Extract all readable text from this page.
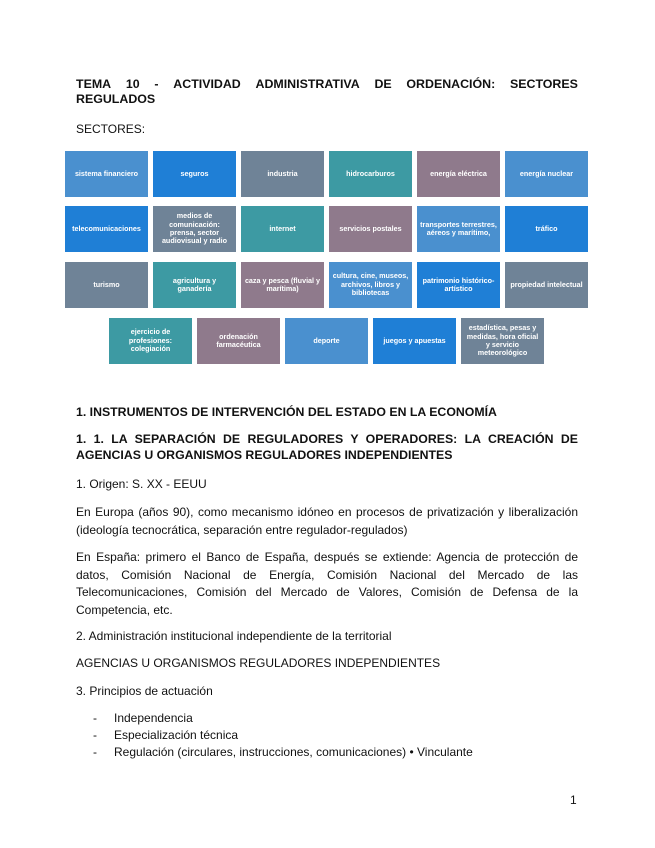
TEMA 10 - ACTIVIDAD ADMINISTRATIVA DE ORDENACIÓN: SECTORES
REGULADOS
SECTORES:
sistema financiero	seguros	industria	hidrocarburos	energía eléctrica	energía nuclear
telecomunicaciones
medios de comunicación: prensa, sector audiovisual y radio
internet	servicios postales	transportes terrestres, aéreos y marítimo,	tráfico
turismo	agricultura y ganadería
caza y pesca (fluvial y marítima)
cultura, cine, museos, archivos, libros y bibliotecas
patrimonio histórico-artístico	propiedad intelectual
ejercicio de profesiones: colegiación
ordenación farmacéutica	deporte	juegos y apuestas
estadística, pesas y medidas, hora oficial y servicio meteorológico
1. INSTRUMENTOS DE INTERVENCIÓN DEL ESTADO EN LA ECONOMÍA
1. 1. LA SEPARACIÓN DE REGULADORES Y OPERADORES: LA CREACIÓN DE AGENCIAS U ORGANISMOS REGULADORES INDEPENDIENTES
1. Origen: S. XX - EEUU
En Europa (años 90), como mecanismo idóneo en procesos de privatización y liberalización (ideología tecnocrática, separación entre regulador-regulados)
En España: primero el Banco de España, después se extiende: Agencia de protección de datos, Comisión Nacional de Energía, Comisión Nacional del Mercado de las Telecomunicaciones, Comisión del Mercado de Valores, Comisión de Defensa de la Competencia, etc.
2. Administración institucional independiente de la territorial
AGENCIAS U ORGANISMOS REGULADORES INDEPENDIENTES
3. Principios de actuación
- Independencia
- Especialización técnica
- Regulación (circulares, instrucciones, comunicaciones) • Vinculante
1
